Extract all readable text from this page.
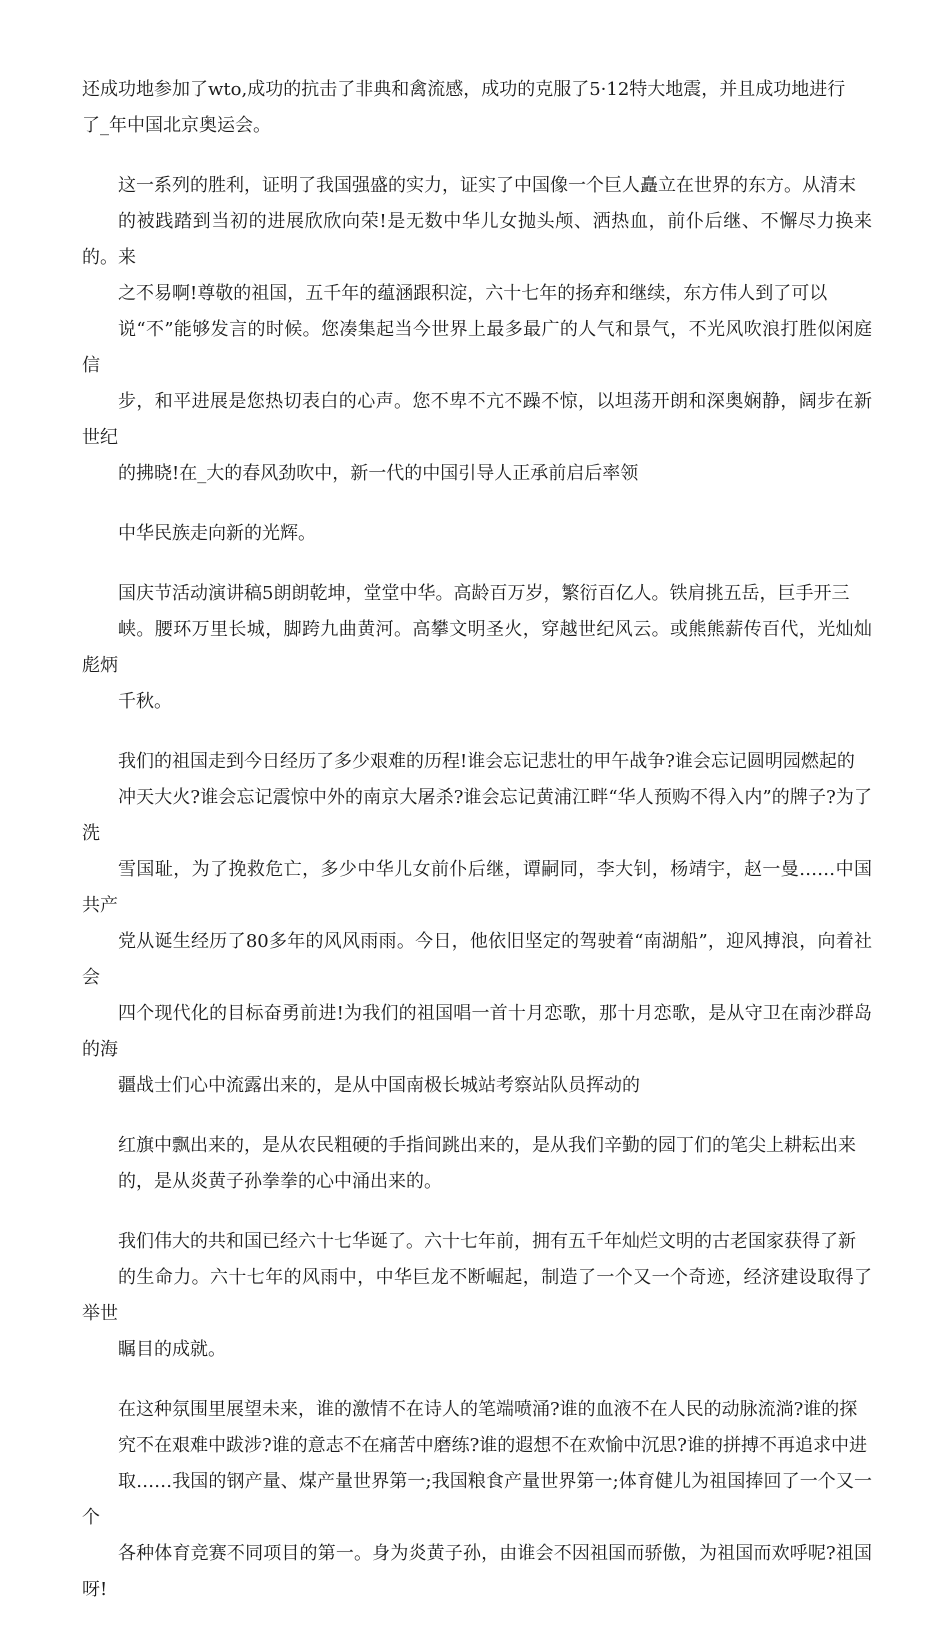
还成功地参加了wto,成功的抗击了非典和禽流感，成功的克服了5·12特大地震，并且成功地进行
了_年中国北京奥运会。

这一系列的胜利，证明了我国强盛的实力，证实了中国像一个巨人矗立在世界的东方。从清末
的被践踏到当初的进展欣欣向荣!是无数中华儿女抛头颅、洒热血，前仆后继、不懈尽力换来的。来
之不易啊!尊敬的祖国，五千年的蕴涵跟积淀，六十七年的扬弃和继续，东方伟人到了可以
说“不”能够发言的时候。您凑集起当今世界上最多最广的人气和景气，不光风吹浪打胜似闲庭信
步，和平进展是您热切表白的心声。您不卑不亢不躁不惊，以坦荡开朗和深奥娴静，阔步在新世纪
的拂晓!在_大的春风劲吹中，新一代的中国引导人正承前启后率领

中华民族走向新的光辉。

国庆节活动演讲稿5朗朗乾坤，堂堂中华。高龄百万岁，繁衍百亿人。铁肩挑五岳，巨手开三
峡。腰环万里长城，脚跨九曲黄河。高攀文明圣火，穿越世纪风云。或熊熊薪传百代，光灿灿彪炳
千秋。

我们的祖国走到今日经历了多少艰难的历程!谁会忘记悲壮的甲午战争?谁会忘记圆明园燃起的
冲天大火?谁会忘记震惊中外的南京大屠杀?谁会忘记黄浦江畔“华人预购不得入内”的牌子?为了洗
雪国耻，为了挽救危亡，多少中华儿女前仆后继，谭嗣同，李大钊，杨靖宇，赵一曼……中国共产
党从诞生经历了80多年的风风雨雨。今日，他依旧坚定的驾驶着“南湖船”，迎风搏浪，向着社会
四个现代化的目标奋勇前进!为我们的祖国唱一首十月恋歌，那十月恋歌，是从守卫在南沙群岛的海
疆战士们心中流露出来的，是从中国南极长城站考察站队员挥动的

红旗中飘出来的，是从农民粗硬的手指间跳出来的，是从我们辛勤的园丁们的笔尖上耕耘出来
的，是从炎黄子孙拳拳的心中涌出来的。

我们伟大的共和国已经六十七华诞了。六十七年前，拥有五千年灿烂文明的古老国家获得了新
的生命力。六十七年的风雨中，中华巨龙不断崛起，制造了一个又一个奇迹，经济建设取得了举世
瞩目的成就。

在这种氛围里展望未来，谁的激情不在诗人的笔端喷涌?谁的血液不在人民的动脉流淌?谁的探
究不在艰难中跋涉?谁的意志不在痛苦中磨练?谁的遐想不在欢愉中沉思?谁的拼搏不再追求中进
取……我国的钢产量、煤产量世界第一;我国粮食产量世界第一;体育健儿为祖国捧回了一个又一个
各种体育竞赛不同项目的第一。身为炎黄子孙，由谁会不因祖国而骄傲，为祖国而欢呼呢?祖国呀!
